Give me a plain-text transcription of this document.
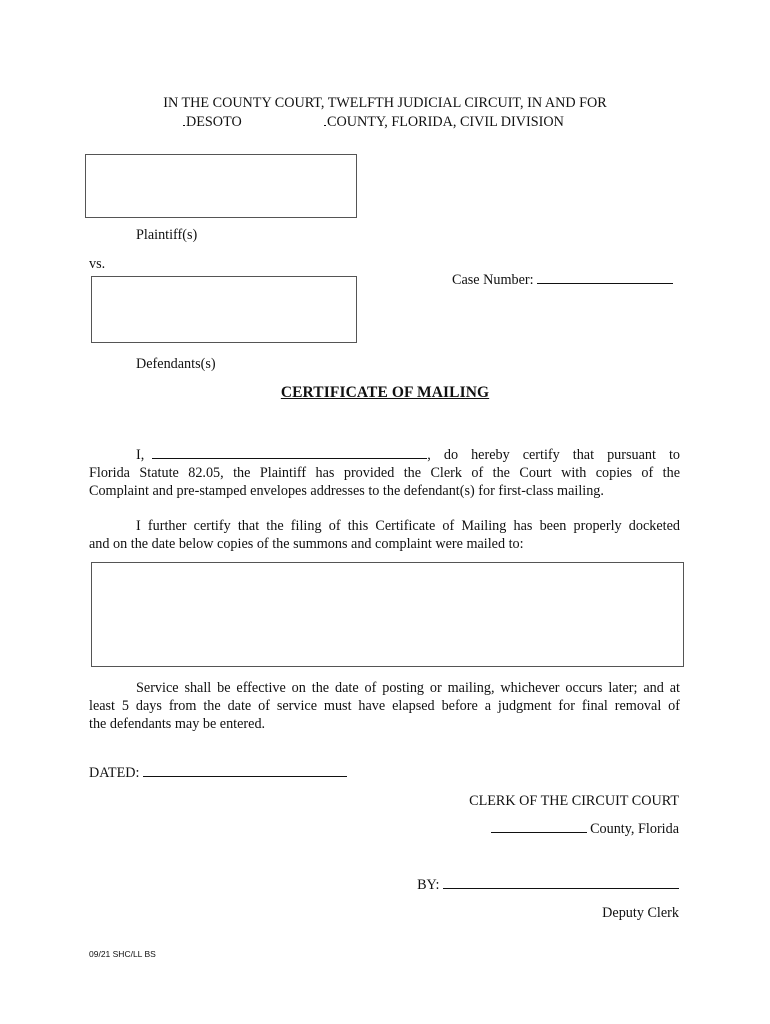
IN THE COUNTY COURT, TWELFTH JUDICIAL CIRCUIT, IN AND FOR
DESOTO	COUNTY, FLORIDA, CIVIL DIVISION
Plaintiff(s)
vs.
Case Number:
Defendants(s)
CERTIFICATE OF MAILING
I,	, do hereby certify that pursuant to
Florida Statute 82.05, the Plaintiff has provided the Clerk of the Court with copies of the
Complaint and pre-stamped envelopes addresses to the defendant(s) for first-class mailing.
I further certify that the filing of this Certificate of Mailing has been properly docketed
and on the date below copies of the summons and complaint were mailed to:
Service shall be effective on the date of posting or mailing, whichever occurs later; and at
least 5 days from the date of service must have elapsed before a judgment for final removal of
the defendants may be entered.
DATED:
CLERK OF THE CIRCUIT COURT
County, Florida
BY:
Deputy Clerk
09/21 SHC/LL BS
